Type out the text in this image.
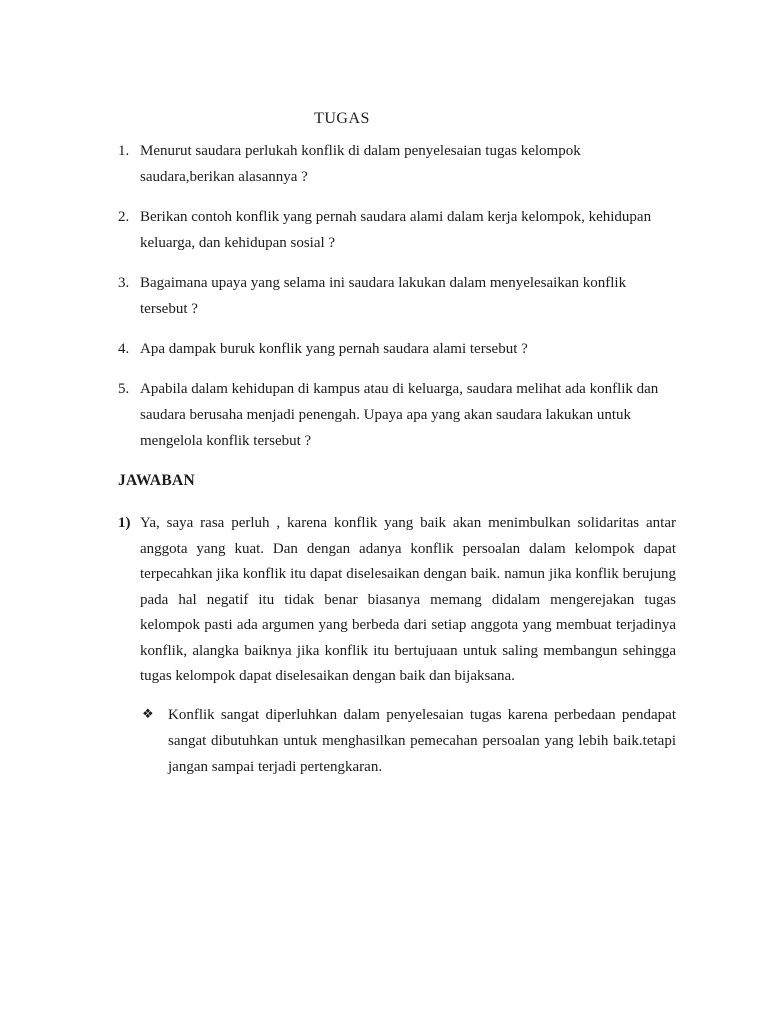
TUGAS
1. Menurut saudara perlukah konflik di dalam penyelesaian tugas kelompok saudara,berikan alasannya ?
2. Berikan contoh konflik yang pernah saudara alami dalam kerja kelompok, kehidupan keluarga, dan kehidupan sosial ?
3. Bagaimana upaya yang selama ini saudara lakukan dalam menyelesaikan konflik tersebut ?
4. Apa dampak buruk konflik yang pernah saudara alami tersebut ?
5. Apabila dalam kehidupan di kampus atau di keluarga, saudara melihat ada konflik dan saudara berusaha menjadi penengah. Upaya apa yang akan saudara lakukan untuk mengelola konflik tersebut ?
JAWABAN
1) Ya, saya rasa perluh , karena konflik yang baik akan menimbulkan solidaritas antar anggota yang kuat. Dan dengan adanya konflik persoalan dalam kelompok dapat terpecahkan jika konflik itu dapat diselesaikan dengan baik. namun jika konflik berujung pada hal negatif itu tidak benar biasanya memang didalam mengerejakan tugas kelompok pasti ada argumen yang berbeda dari setiap anggota yang membuat terjadinya konflik, alangka baiknya jika konflik itu bertujuaan untuk saling membangun sehingga tugas kelompok dapat diselesaikan dengan baik dan bijaksana.
❖ Konflik sangat diperluhkan dalam penyelesaian tugas karena perbedaan pendapat sangat dibutuhkan untuk menghasilkan pemecahan persoalan yang lebih baik.tetapi jangan sampai terjadi pertengkaran.
